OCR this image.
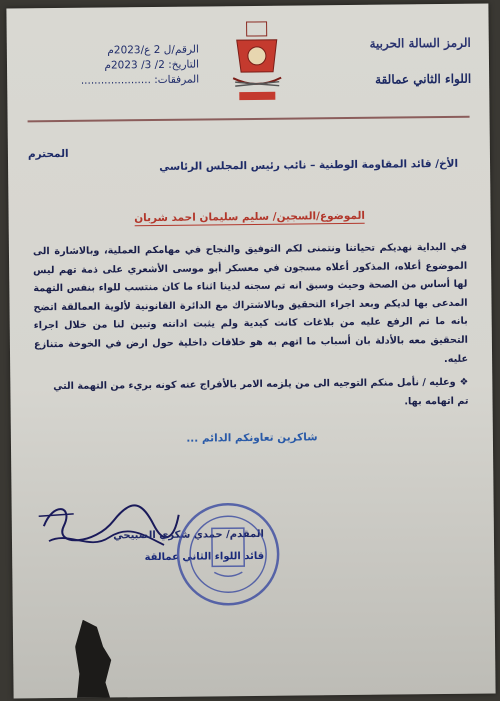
الرمز السالة الحربية
اللواء الثاني عمالقة
الرقم/ل 2 ع/2023م
التاريخ: 2/ 3/ 2023م
المرفقات: .....................
المحترم
الأخ/ قائد المقاومة الوطنية – نائب رئيس المجلس الرئاسي
الموضوع/السجين/ سليم سليمان احمد شربان
في البداية نهديكم تحياتنا ونتمنى لكم التوفيق والنجاح في مهامكم العملية، وبالاشارة الى الموضوع أعلاه، المذكور أعلاه مسجون في معسكر أبو موسى الأشعري على ذمة تهم ليس لها أساس من الصحة وحيث وسبق انه تم سجنه لدينا اثناء ما كان منتسب للواء بنفس التهمة المدعى بها لديكم وبعد اجراء التحقيق وبالاشتراك مع الدائرة القانونية لألوية العمالقة اتضح بانه ما تم الرفع عليه من بلاغات كانت كيدية ولم يثبت ادانته وتبين لنا من خلال اجراء التحقيق معه بالأدلة بان أسباب ما اتهم به هو خلافات داخلية حول ارض في الخوخة متنازع عليه.
❖وعليه / نأمل منكم التوجيه الى من يلزمه الامر بالأفراج عنه كونه بريء من التهمة التي تم اتهامه بها.
شاكرين تعاونكم الدائم ...
المقدم/ حمدي شكري الصبيحي
قائد اللواء الثاني عمالقة
